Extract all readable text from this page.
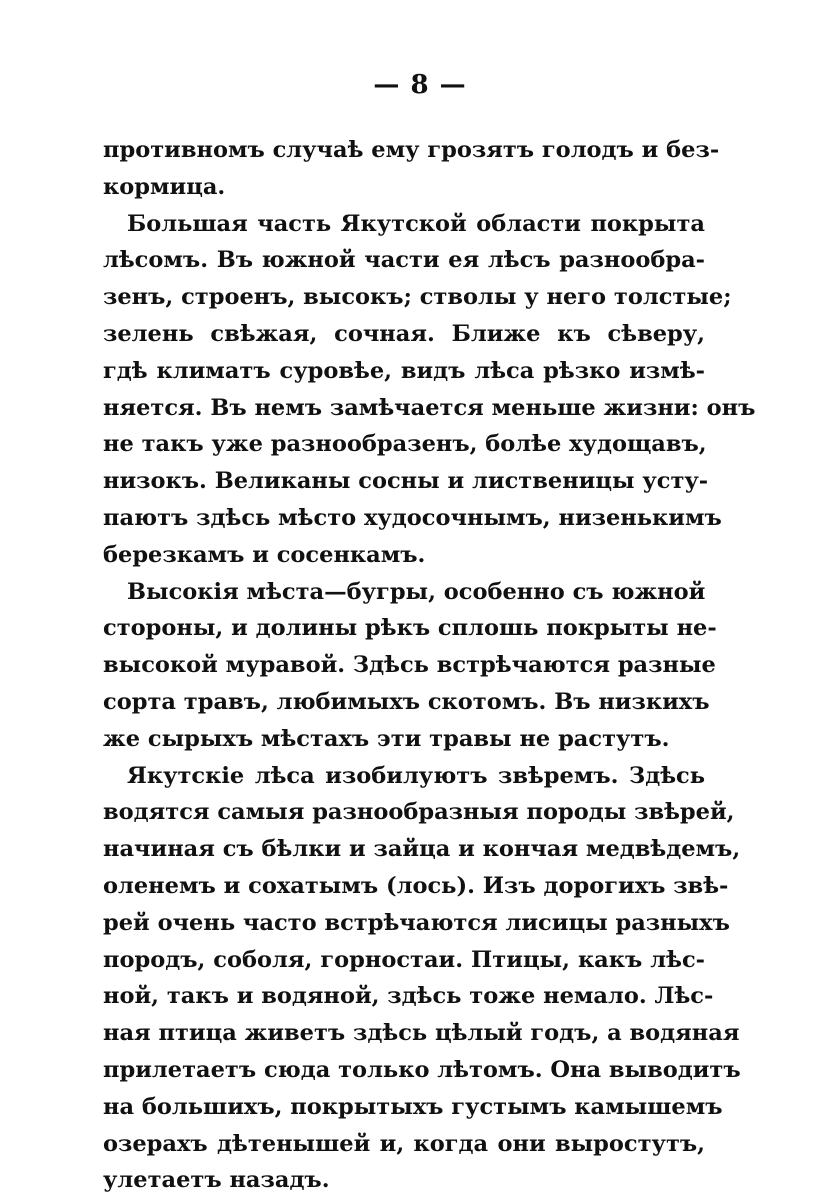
— 8 —
противномъ случаѣ ему грозятъ голодъ и без-
кормица.
Большая часть Якутской области покрыта
лѣсомъ. Въ южной части ея лѣсъ разнообра-
зенъ, строенъ, высокъ; стволы у него толстые;
зелень свѣжая, сочная. Ближе къ сѣверу,
гдѣ климатъ суровѣе, видъ лѣса рѣзко измѣ-
няется. Въ немъ замѣчается меньше жизни: онъ
не такъ уже разнообразенъ, болѣе худощавъ,
низокъ. Великаны сосны и лиственицы усту-
паютъ здѣсь мѣсто худосочнымъ, низенькимъ
березкамъ и сосенкамъ.
Высокія мѣста—бугры, особенно съ южной
стороны, и долины рѣкъ сплошь покрыты не-
высокой муравой. Здѣсь встрѣчаются разные
сорта травъ, любимыхъ скотомъ. Въ низкихъ
же сырыхъ мѣстахъ эти травы не растутъ.
Якутскіе лѣса изобилуютъ звѣремъ. Здѣсь
водятся самыя разнообразныя породы звѣрей,
начиная съ бѣлки и зайца и кончая медвѣдемъ,
оленемъ и сохатымъ (лось). Изъ дорогихъ звѣ-
рей очень часто встрѣчаются лисицы разныхъ
породъ, соболя, горностаи. Птицы, какъ лѣс-
ной, такъ и водяной, здѣсь тоже немало. Лѣс-
ная птица живетъ здѣсь цѣлый годъ, а водяная
прилетаетъ сюда только лѣтомъ. Она выводитъ
на большихъ, покрытыхъ густымъ камышемъ
озерахъ дѣтенышей и, когда они выростутъ,
улетаетъ назадъ.
